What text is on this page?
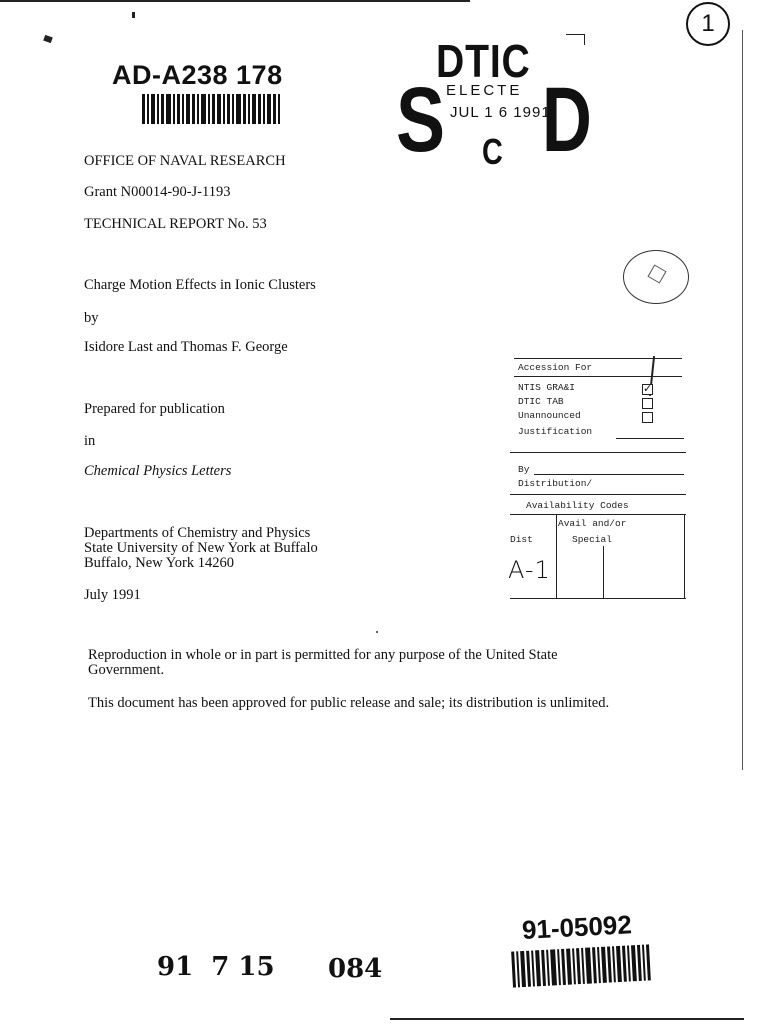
1
AD-A238 178	DTIC
ELECTE
JUL 1 6 1991
S D
C
OFFICE OF NAVAL RESEARCH
Grant N00014-90-J-1193
TECHNICAL REPORT No. 53
Charge Motion Effects in Ionic Clusters
by
Isidore Last and Thomas F. George
Prepared for publication
in
Chemical Physics Letters
Departments of Chemistry and Physics
State University of New York at Buffalo
Buffalo, New York 14260
July 1991
Accession For
NTIS GRA&I	✓
DTIC TAB
Unannounced
Justification
By
Distribution/
Availability Codes
Avail and/or
Dist	Special
A-1
Reproduction in whole or in part is permitted for any purpose of the United State Government.
This document has been approved for public release and sale; its distribution is unlimited.
91  7 15 084
91-05092
